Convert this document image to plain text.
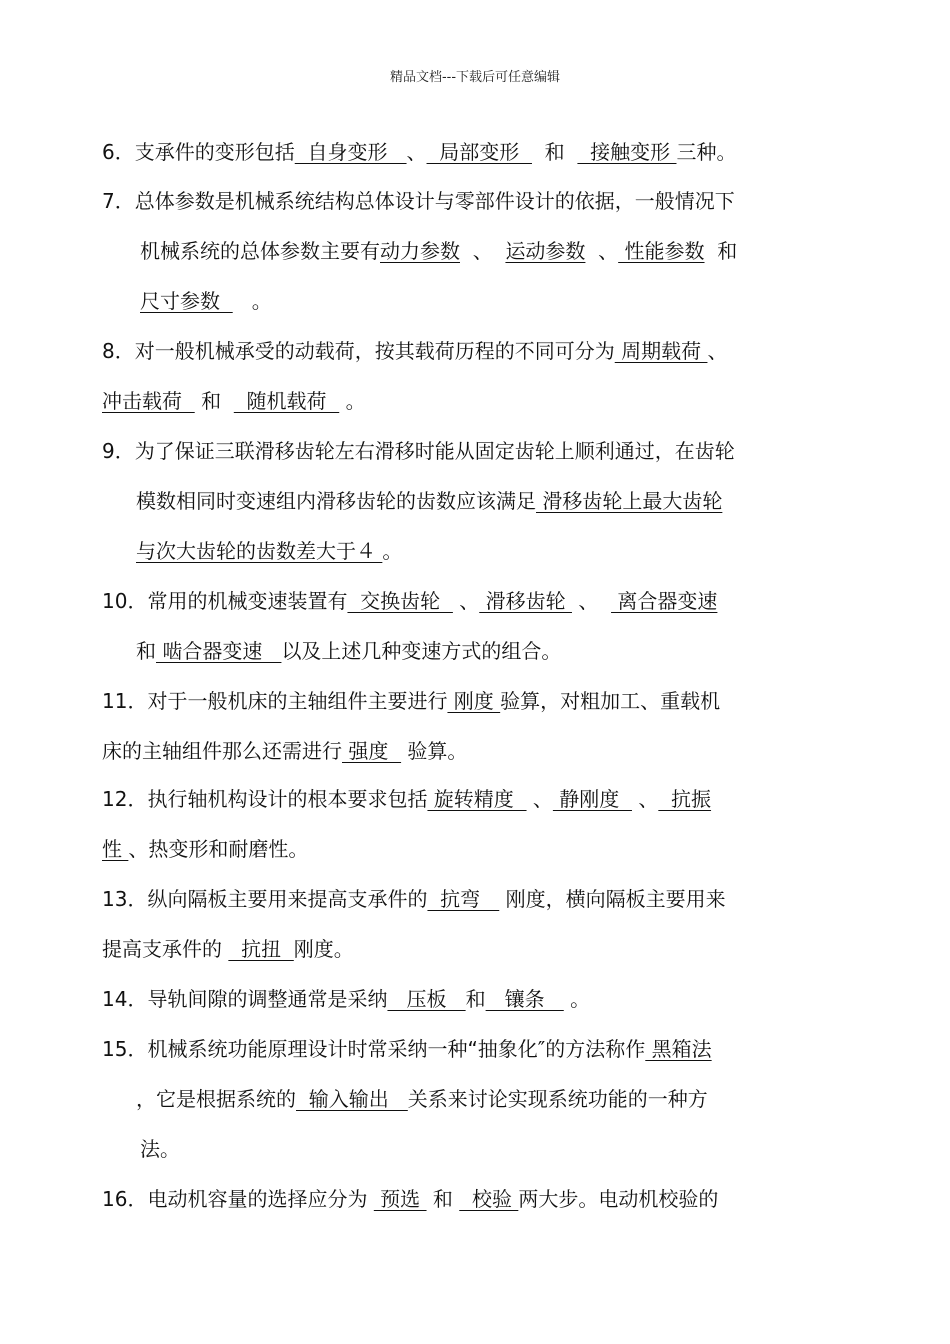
精品文档---下载后可任意编辑
6．支承件的变形包括  自身变形   、  局部变形    和    接触变形 三种。
7．总体参数是机械系统结构总体设计与零部件设计的依据，一般情况下
机械系统的总体参数主要有动力参数  、  运动参数  、 性能参数  和
尺寸参数     。
8．对一般机械承受的动载荷，按其载荷历程的不同可分为 周期载荷 、
冲击载荷   和    随机载荷   。
9．为了保证三联滑移齿轮左右滑移时能从固定齿轮上顺利通过，在齿轮
模数相同时变速组内滑移齿轮的齿数应该满足 滑移齿轮上最大齿轮
与次大齿轮的齿数差大于４ 。
10．常用的机械变速装置有  交换齿轮   、 滑移齿轮  、   离合器变速
和 啮合器变速   以及上述几种变速方式的组合。
11．对于一般机床的主轴组件主要进行 刚度 验算，对粗加工、重载机
床的主轴组件那么还需进行 强度   验算。
12．执行轴机构设计的根本要求包括 旋转精度   、 静刚度   、  抗振
性 、热变形和耐磨性。
13．纵向隔板主要用来提高支承件的  抗弯    刚度，横向隔板主要用来
提高支承件的   抗扭  刚度。
14．导轨间隙的调整通常是采纳   压板   和   镶条    。
15．机械系统功能原理设计时常采纳一种“抽象化″的方法称作 黑箱法
，它是根据系统的  输入输出   关系来讨论实现系统功能的一种方
法。
16．电动机容量的选择应分为  预选  和   校验 两大步。电动机校验的
